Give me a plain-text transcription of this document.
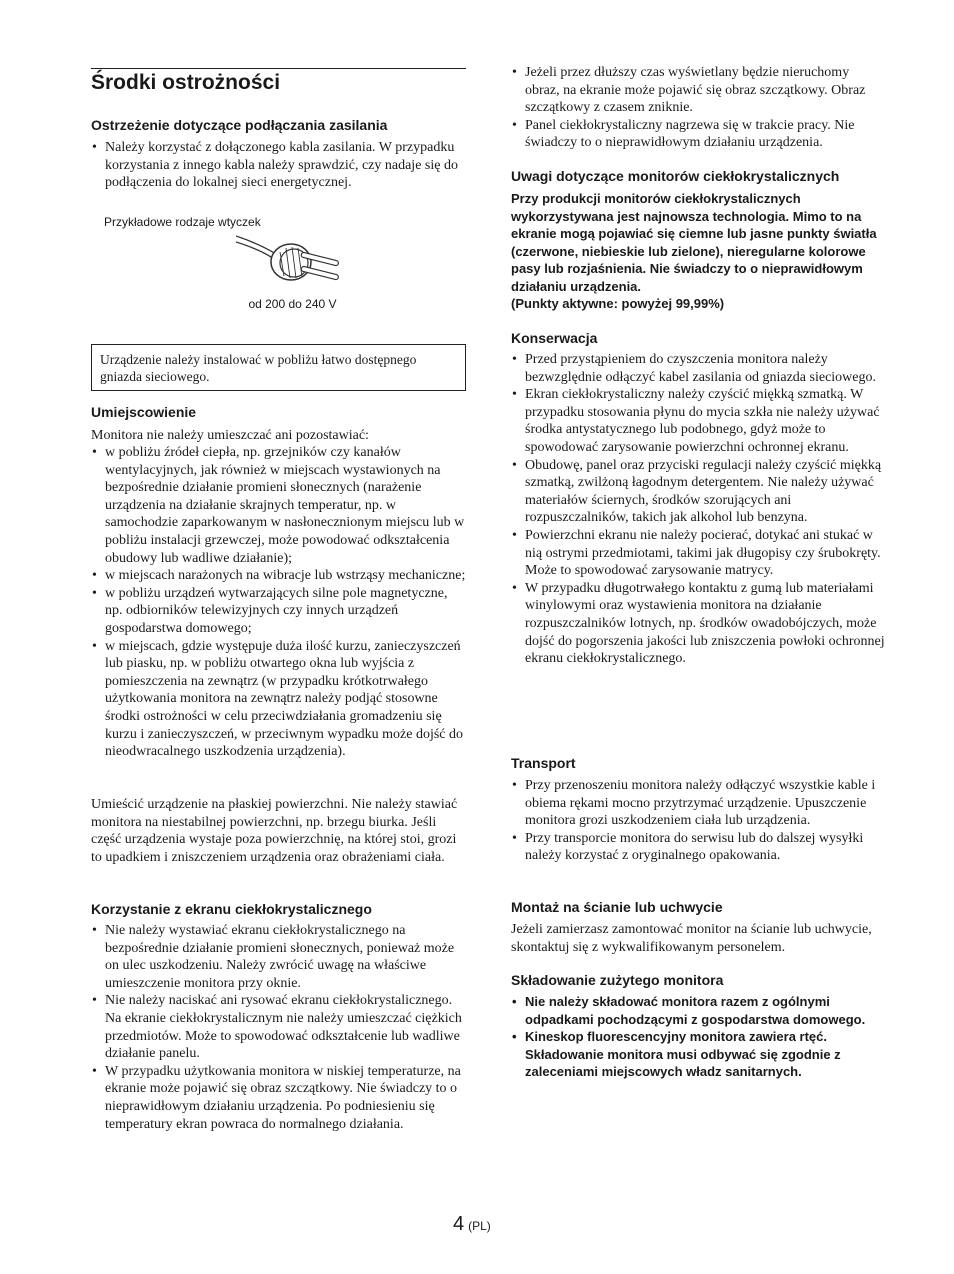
Środki ostrożności
Ostrzeżenie dotyczące podłączania zasilania
• Należy korzystać z dołączonego kabla zasilania. W przypadku korzystania z innego kabla należy sprawdzić, czy nadaje się do podłączenia do lokalnej sieci energetycznej.
Przykładowe rodzaje wtyczek
od 200 do 240 V

Urządzenie należy instalować w pobliżu łatwo dostępnego gniazda sieciowego.

Umiejscowienie

Monitora nie należy umieszczać ani pozostawiać:

• w pobliżu źródeł ciepła, np. grzejników czy kanałów wentylacyjnych, jak również w miejscach wystawionych na bezpośrednie działanie promieni słonecznych (narażenie urządzenia na działanie skrajnych temperatur, np. w samochodzie zaparkowanym w nasłonecznionym miejscu lub w pobliżu instalacji grzewczej, może powodować odkształcenia obudowy lub wadliwe działanie);
• w miejscach narażonych na wibracje lub wstrząsy mechaniczne;
• w pobliżu urządzeń wytwarzających silne pole magnetyczne, np. odbiorników telewizyjnych czy innych urządzeń gospodarstwa domowego;
• w miejscach, gdzie występuje duża ilość kurzu, zanieczyszczeń lub piasku, np. w pobliżu otwartego okna lub wyjścia z pomieszczenia na zewnątrz (w przypadku krótkotrwałego użytkowania monitora na zewnątrz należy podjąć stosowne środki ostrożności w celu przeciwdziałania gromadzeniu się kurzu i zanieczyszczeń, w przeciwnym wypadku może dojść do nieodwracalnego uszkodzenia urządzenia).

Umieścić urządzenie na płaskiej powierzchni. Nie należy stawiać monitora na niestabilnej powierzchni, np. brzegu biurka. Jeśli część urządzenia wystaje poza powierzchnię, na której stoi, grozi to upadkiem i zniszczeniem urządzenia oraz obrażeniami ciała.

Korzystanie z ekranu ciekłokrystalicznego
• Nie należy wystawiać ekranu ciekłokrystalicznego na bezpośrednie działanie promieni słonecznych, ponieważ może on ulec uszkodzeniu. Należy zwrócić uwagę na właściwe umieszczenie monitora przy oknie.
• Nie należy naciskać ani rysować ekranu ciekłokrystalicznego. Na ekranie ciekłokrystalicznym nie należy umieszczać ciężkich przedmiotów. Może to spowodować odkształcenie lub wadliwe działanie panelu.
• W przypadku użytkowania monitora w niskiej temperaturze, na ekranie może pojawić się obraz szczątkowy. Nie świadczy to o nieprawidłowym działaniu urządzenia. Po podniesieniu się temperatury ekran powraca do normalnego działania.
• Jeżeli przez dłuższy czas wyświetlany będzie nieruchomy obraz, na ekranie może pojawić się obraz szczątkowy. Obraz szczątkowy z czasem zniknie.
• Panel ciekłokrystaliczny nagrzewa się w trakcie pracy. Nie świadczy to o nieprawidłowym działaniu urządzenia.
Uwagi dotyczące monitorów ciekłokrystalicznych

Przy produkcji monitorów ciekłokrystalicznych wykorzystywana jest najnowsza technologia. Mimo to na ekranie mogą pojawiać się ciemne lub jasne punkty światła (czerwone, niebieskie lub zielone), nieregularne kolorowe pasy lub rozjaśnienia. Nie świadczy to o nieprawidłowym działaniu urządzenia.

(Punkty aktywne: powyżej 99,99%)

Konserwacja
• Przed przystąpieniem do czyszczenia monitora należy bezwzględnie odłączyć kabel zasilania od gniazda sieciowego.
• Ekran ciekłokrystaliczny należy czyścić miękką szmatką. W przypadku stosowania płynu do mycia szkła nie należy używać środka antystatycznego lub podobnego, gdyż może to spowodować zarysowanie powierzchni ochronnej ekranu.
• Obudowę, panel oraz przyciski regulacji należy czyścić miękką szmatką, zwilżoną łagodnym detergentem. Nie należy używać materiałów ściernych, środków szorujących ani rozpuszczalników, takich jak alkohol lub benzyna.
• Powierzchni ekranu nie należy pocierać, dotykać ani stukać w nią ostrymi przedmiotami, takimi jak długopisy czy śrubokręty. Może to spowodować zarysowanie matrycy.
• W przypadku długotrwałego kontaktu z gumą lub materiałami winylowymi oraz wystawienia monitora na działanie rozpuszczalników lotnych, np. środków owadobójczych, może dojść do pogorszenia jakości lub zniszczenia powłoki ochronnej ekranu ciekłokrystalicznego.
Transport
• Przy przenoszeniu monitora należy odłączyć wszystkie kable i obiema rękami mocno przytrzymać urządzenie. Upuszczenie monitora grozi uszkodzeniem ciała lub urządzenia.
• Przy transporcie monitora do serwisu lub do dalszej wysyłki należy korzystać z oryginalnego opakowania.
Montaż na ścianie lub uchwycie

Jeżeli zamierzasz zamontować monitor na ścianie lub uchwycie, skontaktuj się z wykwalifikowanym personelem.

Składowanie zużytego monitora
• Nie należy składować monitora razem z ogólnymi odpadkami pochodzącymi z gospodarstwa domowego.
• Kineskop fluorescencyjny monitora zawiera rtęć. Składowanie monitora musi odbywać się zgodnie z zaleceniami miejscowych władz sanitarnych.
4 (PL)
